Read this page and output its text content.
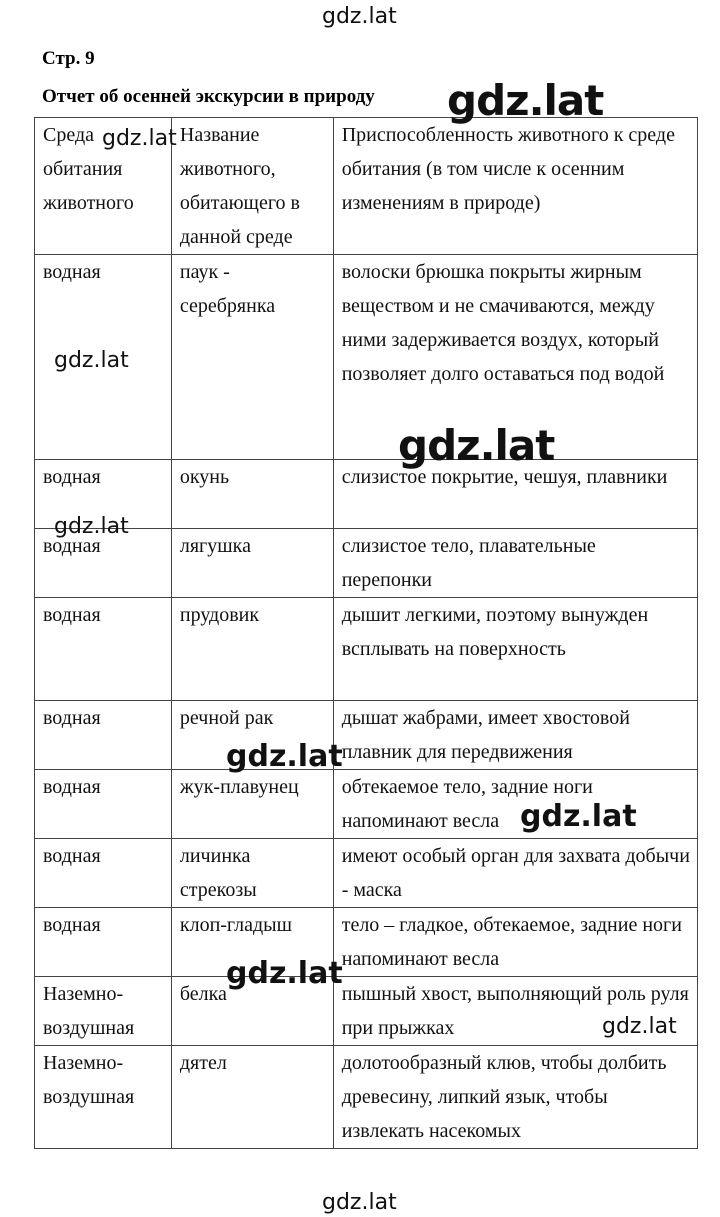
gdz.lat
Стр. 9
Отчет об осенней экскурсии в природу
Среда обитания животного	Название животного, обитающего в данной среде	Приспособленность животного к среде обитания (в том числе к осенним изменениям в природе)
водная	паук - серебрянка	волоски брюшка покрыты жирным веществом и не смачиваются, между ними задерживается воздух, который позволяет долго оставаться под водой
водная	окунь	слизистое покрытие, чешуя, плавники
водная	лягушка	слизистое тело, плавательные перепонки
водная	прудовик	дышит легкими, поэтому вынужден всплывать на поверхность
водная	речной рак	дышат жабрами, имеет хвостовой плавник для передвижения
водная	жук-плавунец	обтекаемое тело, задние ноги напоминают весла
водная	личинка стрекозы	имеют особый орган для захвата добычи - маска
водная	клоп-гладыш	тело – гладкое, обтекаемое, задние ноги напоминают весла
Наземно-воздушная	белка	пышный хвост, выполняющий роль руля при прыжках
Наземно-воздушная	дятел	долотообразный клюв, чтобы долбить древесину, липкий язык, чтобы извлекать насекомых
gdz.lat
gdz.lat
gdz.lat
gdz.lat
gdz.lat
gdz.lat
gdz.lat
gdz.lat
gdz.lat
gdz.lat
